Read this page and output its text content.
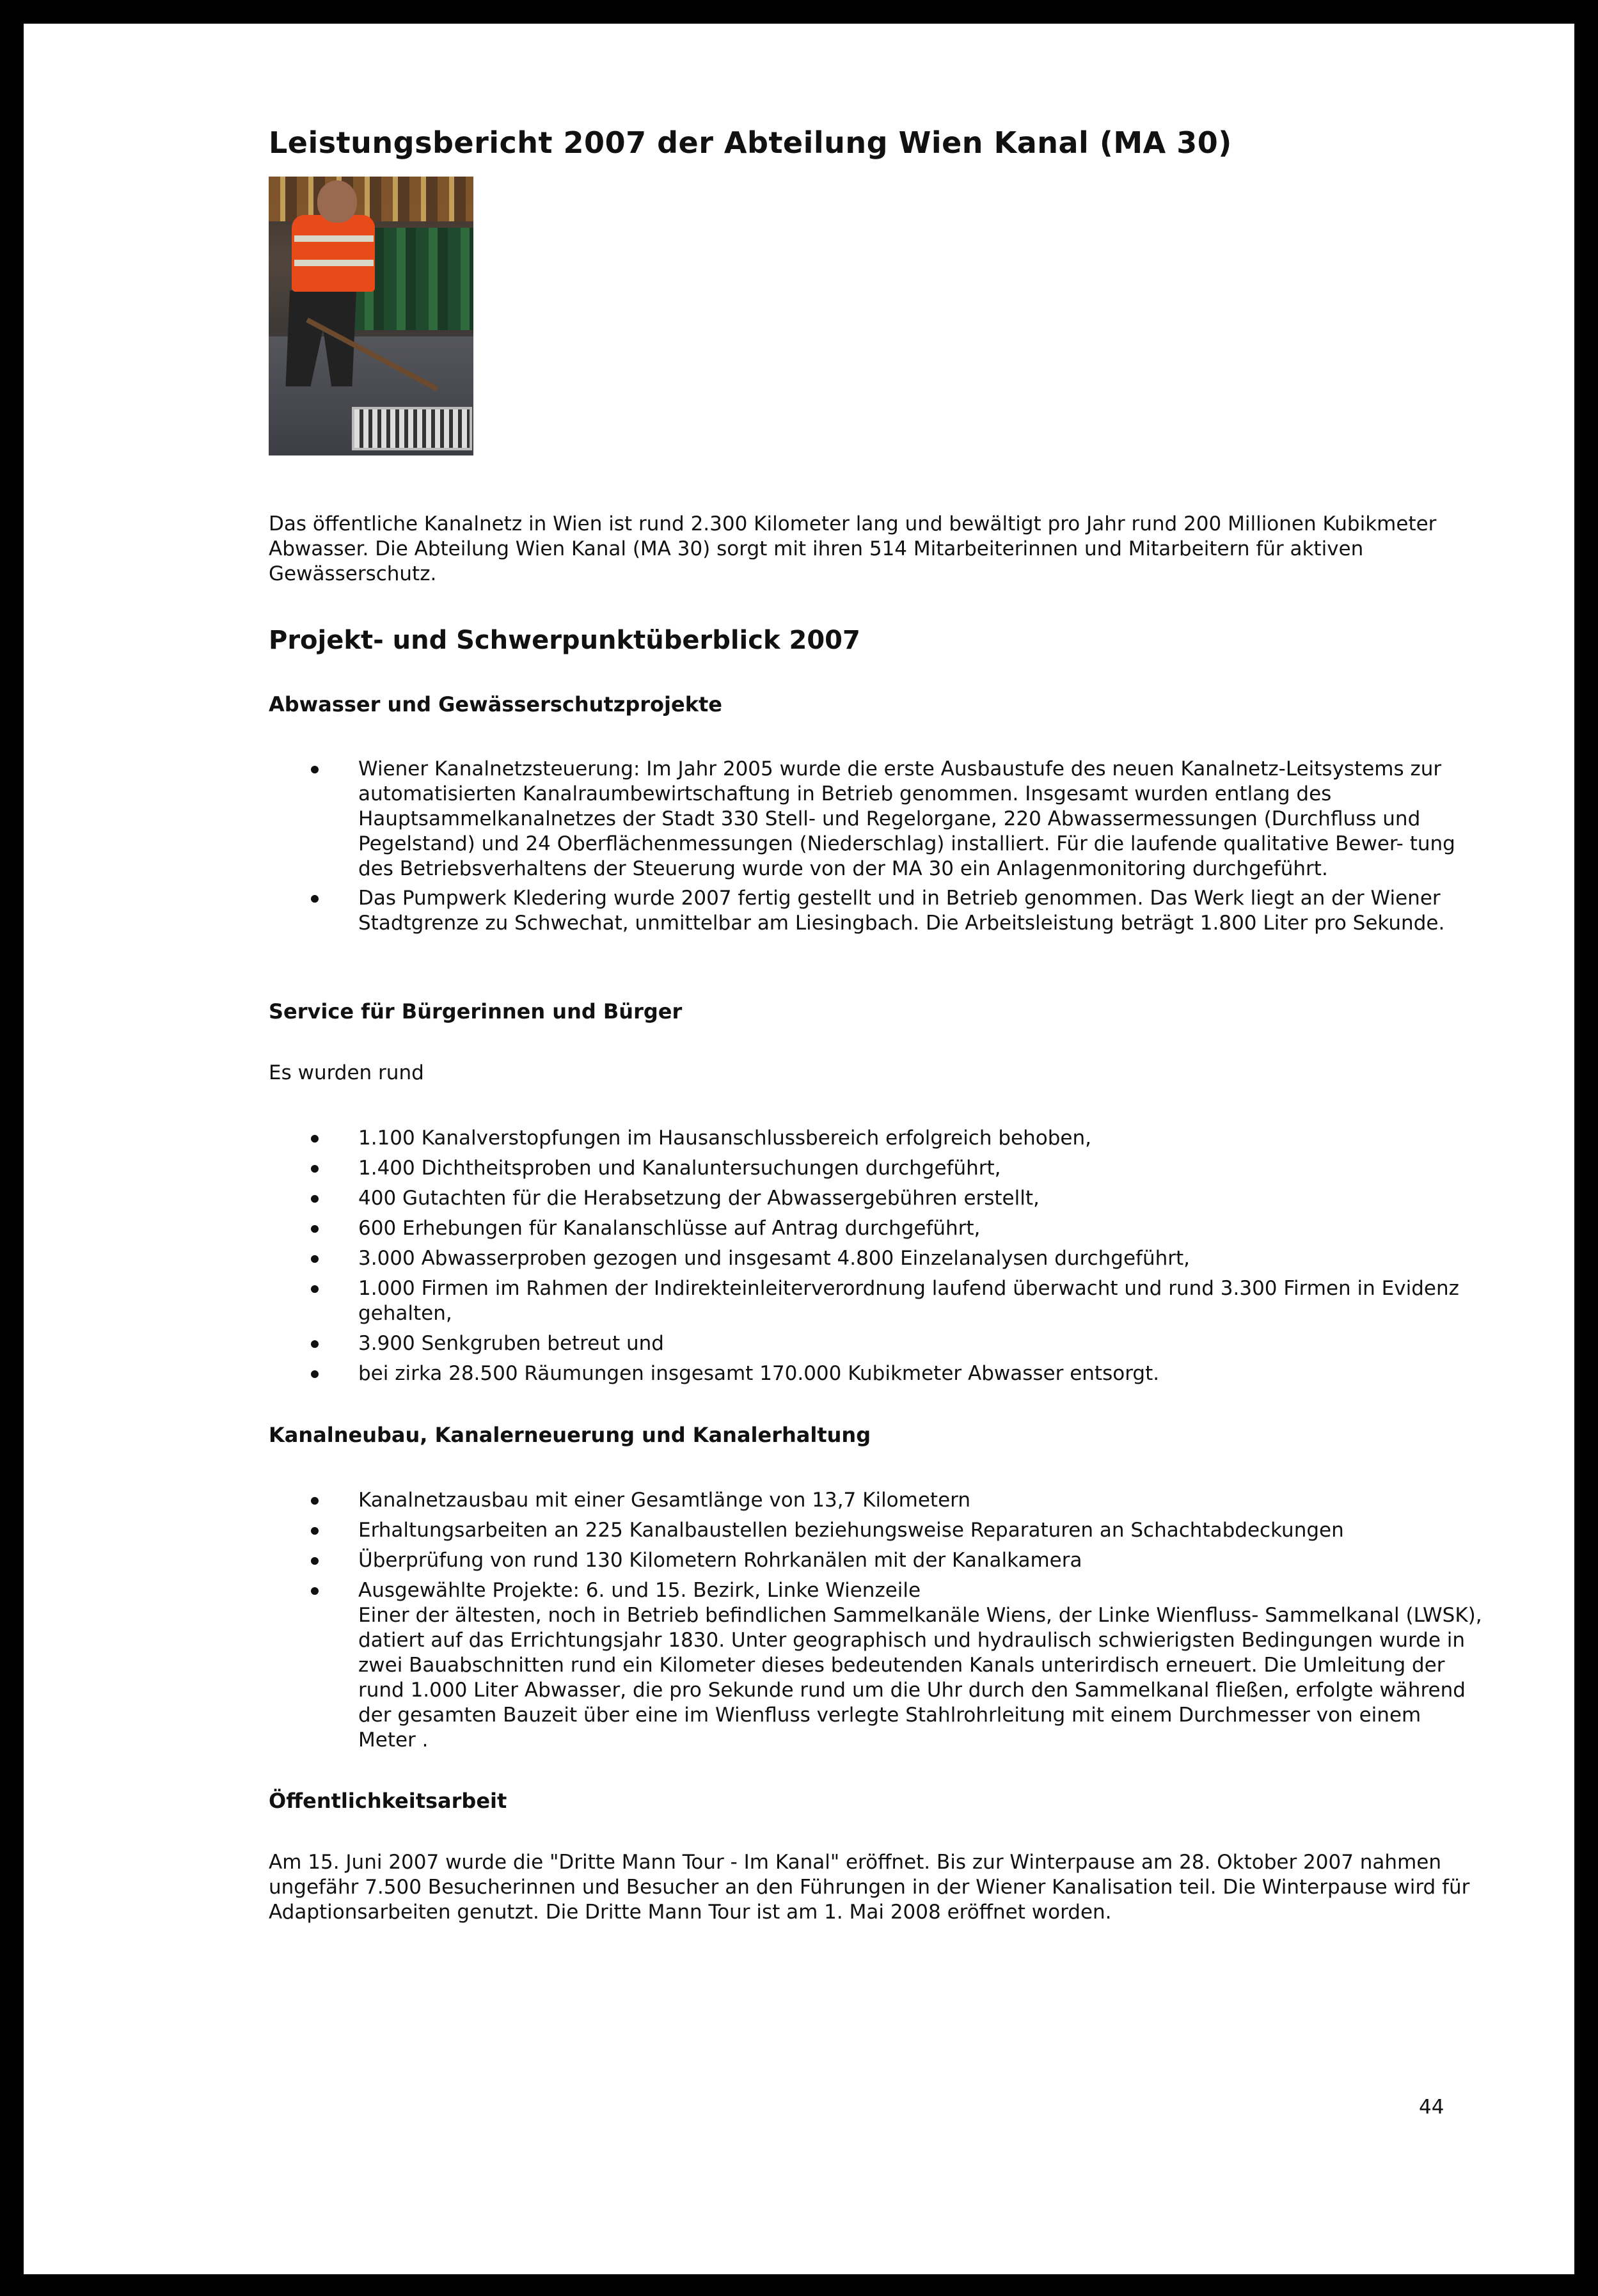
Leistungsbericht 2007 der Abteilung Wien Kanal (MA 30)

Das öffentliche Kanalnetz in Wien ist rund 2.300 Kilometer lang und bewältigt pro Jahr rund 200 Millionen Kubikmeter Abwasser. Die Abteilung Wien Kanal (MA 30) sorgt mit ihren 514 Mitarbeiterinnen und Mitarbeitern für aktiven Gewässerschutz.

Projekt- und Schwerpunktüberblick 2007
Abwasser und Gewässerschutzprojekte
Wiener Kanalnetzsteuerung: Im Jahr 2005 wurde die erste Ausbaustufe des neuen Kanalnetz-Leitsystems zur automatisierten Kanalraumbewirtschaftung in Betrieb genommen. Insgesamt wurden entlang des Hauptsammelkanalnetzes der Stadt 330 Stell- und Regelorgane, 220 Abwassermessungen (Durchfluss und Pegelstand) und 24 Oberflächenmessungen (Niederschlag) installiert. Für die laufende qualitative Bewer- tung des Betriebsverhaltens der Steuerung wurde von der MA 30 ein Anlagenmonitoring durchgeführt.
Das Pumpwerk Kledering wurde 2007 fertig gestellt und in Betrieb genommen. Das Werk liegt an der Wiener Stadtgrenze zu Schwechat, unmittelbar am Liesingbach. Die Arbeitsleistung beträgt 1.800 Liter pro Sekunde.
Service für Bürgerinnen und Bürger

Es wurden rund

1.100 Kanalverstopfungen im Hausanschlussbereich erfolgreich behoben,
1.400 Dichtheitsproben und Kanaluntersuchungen durchgeführt,
400 Gutachten für die Herabsetzung der Abwassergebühren erstellt,
600 Erhebungen für Kanalanschlüsse auf Antrag durchgeführt,
3.000 Abwasserproben gezogen und insgesamt 4.800 Einzelanalysen durchgeführt,
1.000 Firmen im Rahmen der Indirekteinleiterverordnung laufend überwacht und rund 3.300 Firmen in Evidenz gehalten,
3.900 Senkgruben betreut und
bei zirka 28.500 Räumungen insgesamt 170.000 Kubikmeter Abwasser entsorgt.
Kanalneubau, Kanalerneuerung und Kanalerhaltung
Kanalnetzausbau mit einer Gesamtlänge von 13,7 Kilometern
Erhaltungsarbeiten an 225 Kanalbaustellen beziehungsweise Reparaturen an Schachtabdeckungen
Überprüfung von rund 130 Kilometern Rohrkanälen mit der Kanalkamera
Ausgewählte Projekte: 6. und 15. Bezirk, Linke Wienzeile
Einer der ältesten, noch in Betrieb befindlichen Sammelkanäle Wiens, der Linke Wienfluss- Sammelkanal (LWSK), datiert auf das Errichtungsjahr 1830. Unter geographisch und hydraulisch schwierigsten Bedingungen wurde in zwei Bauabschnitten rund ein Kilometer dieses bedeutenden Kanals unterirdisch erneuert. Die Umleitung der rund 1.000 Liter Abwasser, die pro Sekunde rund um die Uhr durch den Sammelkanal fließen, erfolgte während der gesamten Bauzeit über eine im Wienfluss verlegte Stahlrohrleitung mit einem Durchmesser von einem Meter .
Öffentlichkeitsarbeit

Am 15. Juni 2007 wurde die "Dritte Mann Tour - Im Kanal" eröffnet. Bis zur Winterpause am 28. Oktober 2007 nahmen ungefähr 7.500 Besucherinnen und Besucher an den Führungen in der Wiener Kanalisation teil. Die Winterpause wird für Adaptionsarbeiten genutzt. Die Dritte Mann Tour ist am 1. Mai 2008 eröffnet worden.

44
